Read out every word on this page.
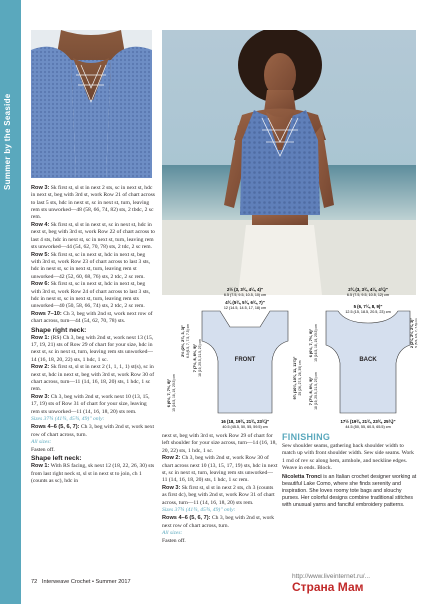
Summer by the Seaside	Row 3: Sk first st, sl st in next 2 sts, sc in next st, hdc in next st, beg with 3rd st, work Row 21 of chart across to last 5 sts, hdc in next st, sc in next st, turn, leaving rem sts unworked—48 (58, 66, 74, 82) sts, 2 tbdc, 2 sc rem.

Row 4: Sk first st, sl st in next st, sc in next st, hdc in next st, beg with 3rd st, work Row 22 of chart across to last 4 sts, hdc in next st, sc in next st, turn, leaving rem sts unworked—44 (54, 62, 70, 78) sts, 2 tdc, 2 sc rem.

Row 5: Sk first st, sc in next st, hdc in next st, beg with 3rd st, work Row 23 of chart across to last 3 sts, hdc in next st, sc in next st, turn, leaving rem st unworked—42 (52, 60, 68, 76) sts, 2 tdc, 2 sc rem.

Row 6: Sk first st, sc in next st, hdc in next st, beg with 3rd st, work Row 24 of chart across to last 3 sts, hdc in next st, sc in next st, turn, leaving rem sts unworked—40 (50, 58, 66, 74) sts, 2 tdc, 2 sc rem.

Rows 7–10: Ch 3, beg with 2nd st, work next row of chart across, turn—44 (54, 62, 70, 78) sts.

Shape right neck:

Row 1: (RS) Ch 3, beg with 2nd st, work next 13 (15, 17, 19, 21) sts of Row 29 of chart for your size, hdc in next st, sc in next st, turn, leaving rem sts unworked—14 (16, 18, 20, 22) sts, 1 hdc, 1 sc.

Row 2: Sk first st, sl st in next 2 (1, 1, 1, 1) st(s), sc in next st, hdc in next st, beg with 3rd st, work Row 30 of chart across, turn—11 (14, 16, 18, 20) sts, 1 hdc, 1 sc rem.

Row 3: Ch 3, beg with 2nd st, work next 10 (13, 15, 17, 19) sts of Row 31 of chart for your size, leaving rem sts unworked—11 (14, 16, 18, 20) sts rem.

Sizes 37¾ (41¾, 45¾, 49)" only:

Rows 4–6 (5, 6, 7): Ch 3, beg with 2nd st, work next row of chart across, turn.

All sizes:

Fasten off.

Shape left neck:

Row 1: With RS facing, sk next 12 (18, 22, 26, 30) sts from last right neck st, sl st in next st to join, ch 1 (counts as sc), hdc in

FRONT
2½ (3, 3¾, 4¼, 4)"
6.5 (7.5, 9.5, 10.5, 10) cm
4¾ (5¾, 5¾, 6¾, 7)"
12 (14.5, 14.5, 17, 18) cm
16 (18, 19¾, 21¾, 23¾)"
40.5 (45.5, 50, 55, 59.5) cm
2½ (2½, 2¾, 3, 3)" 6.5 (6.5, 7, 7.5, 7.5) cm 7 (7½, 8, 8½, 9)" 18 (19, 20.5, 21.5, 23) cm
6 (6½, 7, 7½, 8)" 15 (16.5, 18, 19, 20.5) cm	9¾ (10¼, 10¾, 11, 11¾)" 25 (26, 27.5, 28, 30) cm
BACK
2¾ (3, 3¾, 4¼, 4¾)"
6.5 (7.5, 9.5, 10.5, 12) cm
5 (6, 7¼, 8, 9)"
12.5 (15, 18.5, 20.5, 23) cm
17½ (19¾, 21¾, 23¾, 25¾)"
44.5 (50, 55, 60.5, 65.5) cm
6 (6½, 7, 7½, 8)" 15 (16.5, 18, 19, 20.5) cm
7 (7½, 8, 8½, 9)" 18 (19, 20.5, 21.5, 23) cm
2 (2¼, 2½, 2¾, 3)" 5 (5.5, 6.5, 7, 7.5) cm

next st, beg with 3rd st, work Row 29 of chart for left shoulder for your size across, turn—14 (16, 18, 20, 22) sts, 1 hdc, 1 sc.

Row 2: Ch 3, beg with 2nd st, work Row 30 of chart across next 10 (13, 15, 17, 19) sts, hdc in next st, sc in next st, turn, leaving rem sts unworked—11 (14, 16, 18, 20) sts, 1 hdc, 1 sc rem.

Row 3: Sk first st, sl st in next 2 sts, ch 3 (counts as first dc), beg with 2nd st, work Row 31 of chart across, turn—11 (14, 16, 18, 20) sts rem.

Sizes 37¾ (41¾, 45¾, 49)" only:

Rows 4–6 (5, 6, 7): Ch 3, beg with 2nd st, work next row of chart across, turn.

All sizes:

Fasten off.

FINISHING

Sew shoulder seams, gathering back shoulder width to match up with front shoulder width. Sew side seams. Work 1 rnd of rev sc along hem, armhole, and neckline edges. Weave in ends. Block.

Nicoletta Tronci is an Italian crochet designer working at beautiful Lake Como, where she finds serenity and inspiration. She loves roomy tote bags and slouchy purses. Her colorful designs combine traditional stitches with unusual yarns and fanciful embroidery patterns.

72 Interweave Crochet • Summer 2017
http://www.liveinternet.ru/...
Страна Мам
